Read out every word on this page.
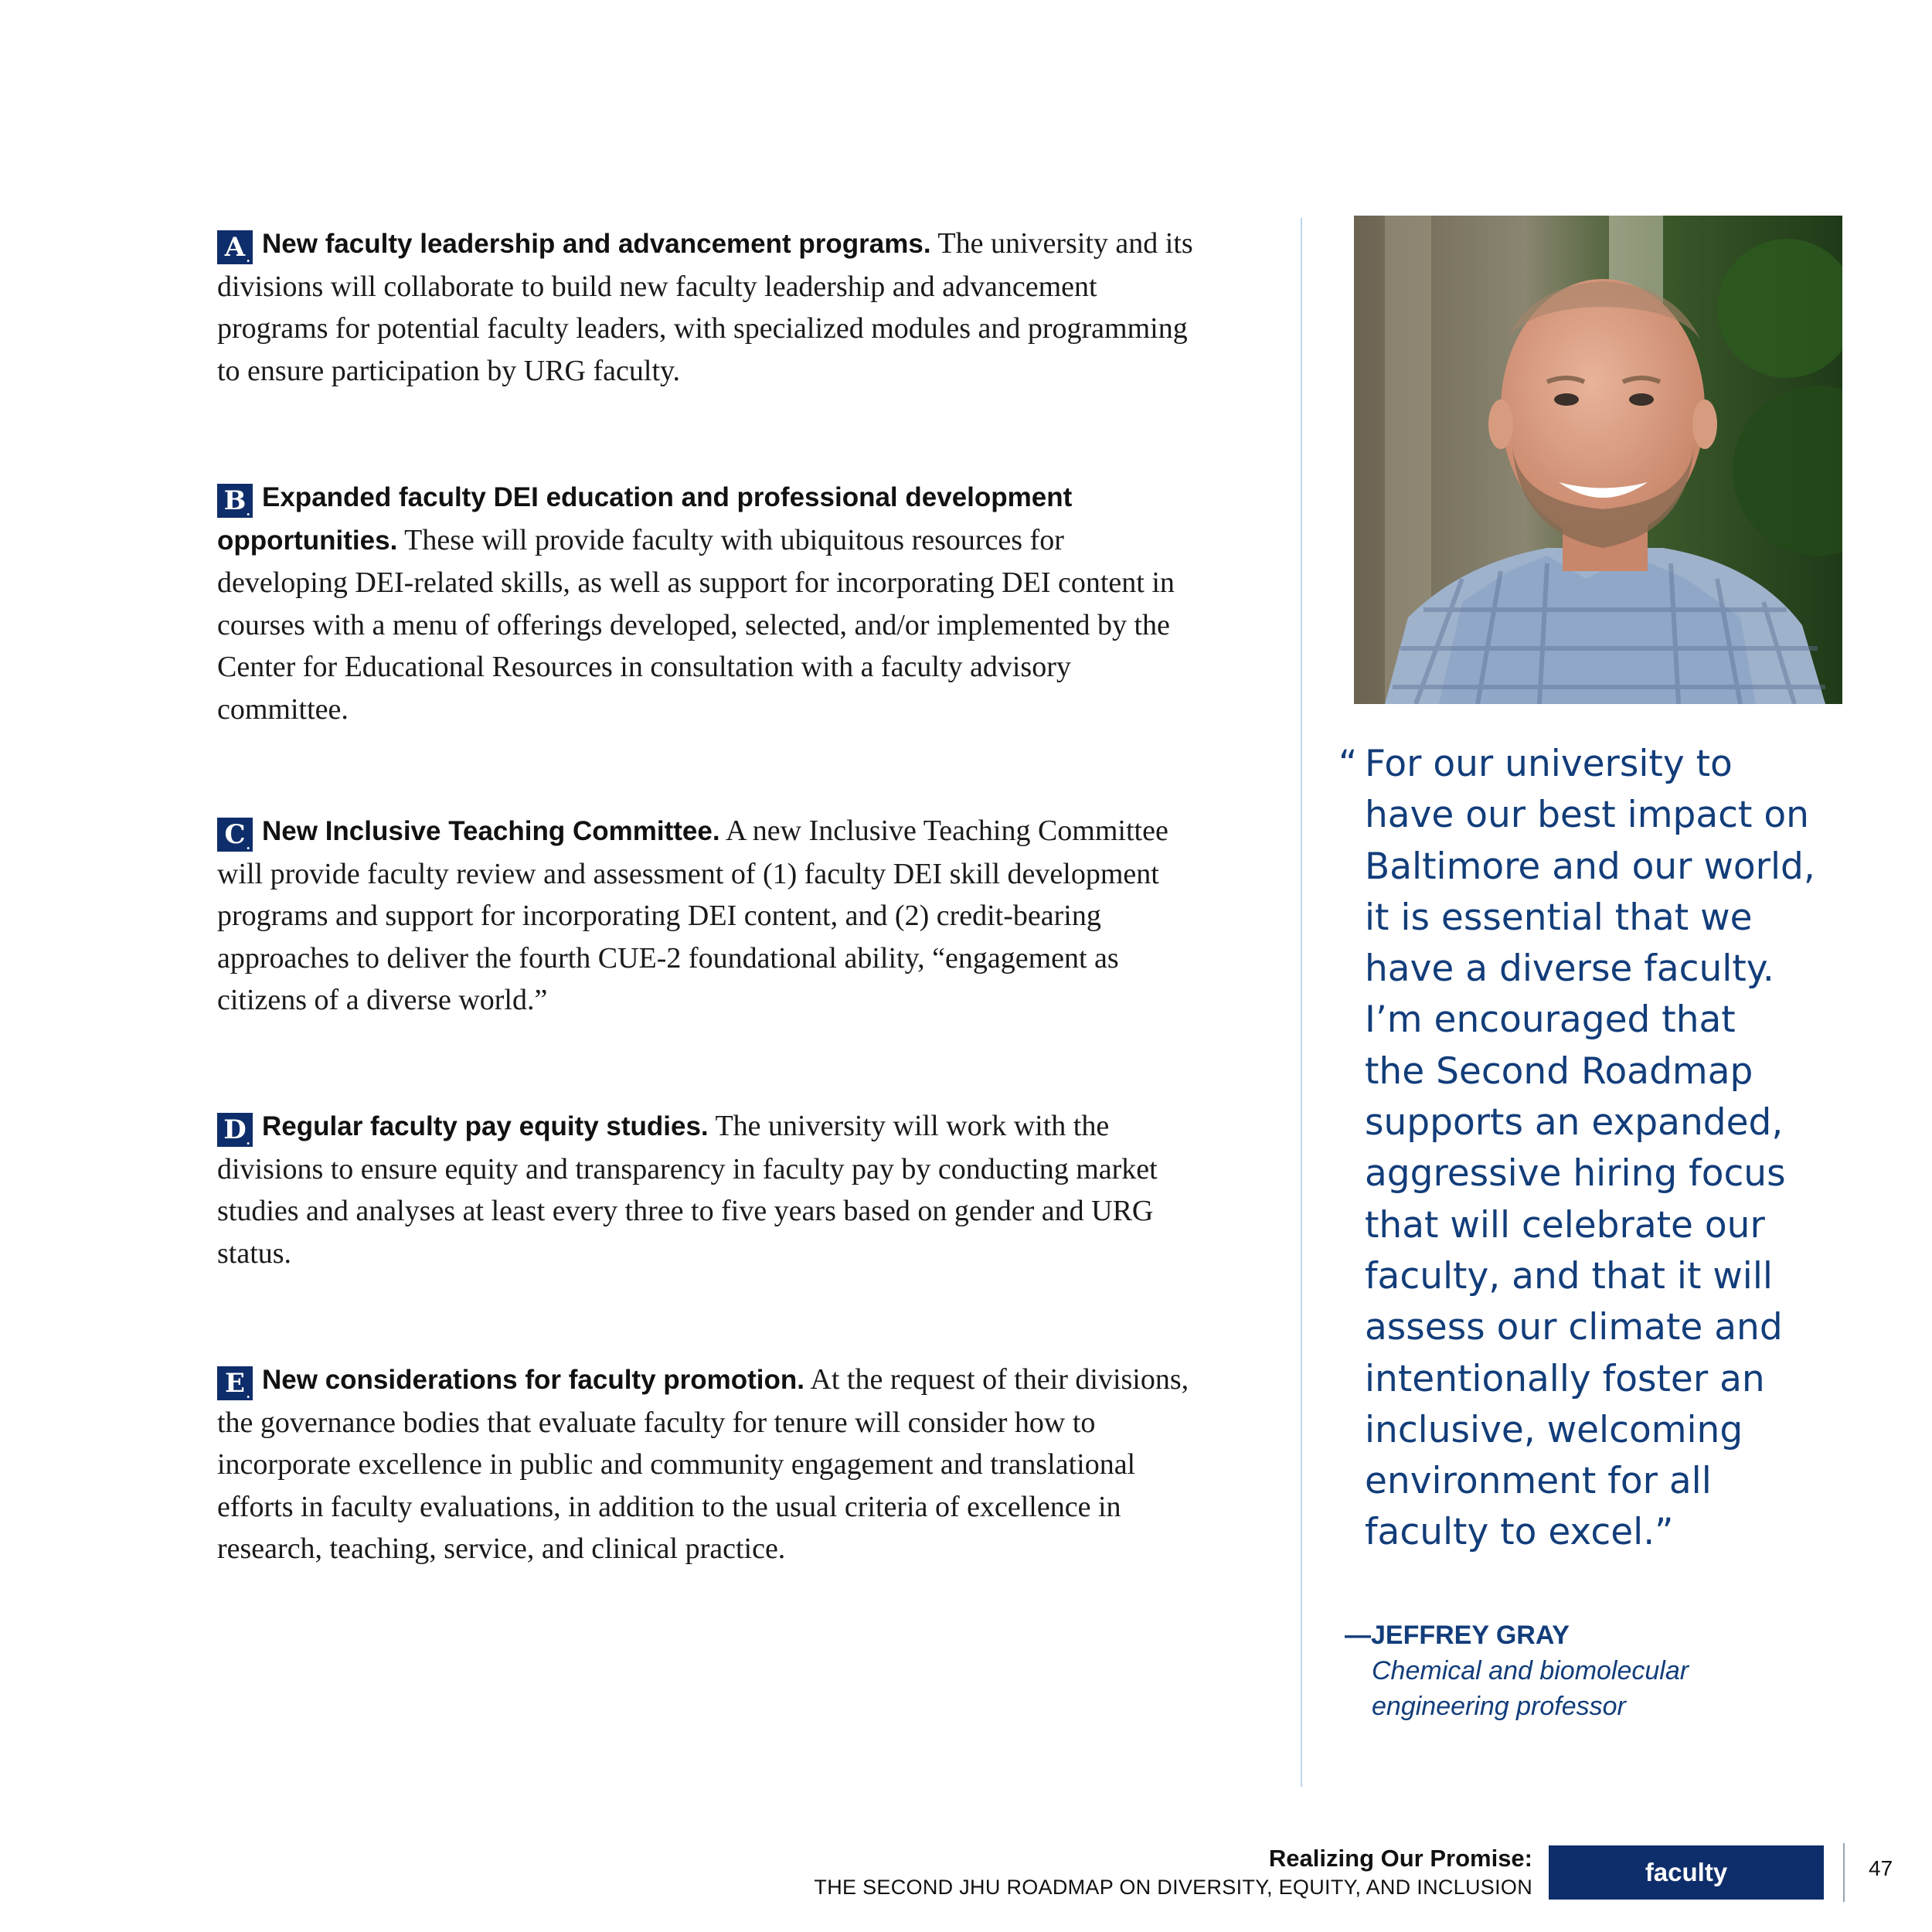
A . New faculty leadership and advancement programs. The university and its divisions will collaborate to build new faculty leadership and advancement programs for potential faculty leaders, with specialized modules and programming to ensure participation by URG faculty.
B . Expanded faculty DEI education and professional development opportunities. These will provide faculty with ubiquitous resources for developing DEI-related skills, as well as support for incorporating DEI content in courses with a menu of offerings developed, selected, and/or implemented by the Center for Educational Resources in consultation with a faculty advisory committee.
C . New Inclusive Teaching Committee. A new Inclusive Teaching Committee will provide faculty review and assessment of (1) faculty DEI skill development programs and support for incorporating DEI content, and (2) credit-bearing approaches to deliver the fourth CUE-2 foundational ability, “engagement as citizens of a diverse world.”
D . Regular faculty pay equity studies. The university will work with the divisions to ensure equity and transparency in faculty pay by conducting market studies and analyses at least every three to five years based on gender and URG status.
E . New considerations for faculty promotion. At the request of their divisions, the governance bodies that evaluate faculty for tenure will consider how to incorporate excellence in public and community engagement and translational efforts in faculty evaluations, in addition to the usual criteria of excellence in research, teaching, service, and clinical practice.
“ For our university to
have our best impact on
Baltimore and our world,
it is essential that we
have a diverse faculty.
I’m encouraged that
the Second Roadmap
supports an expanded,
aggressive hiring focus
that will celebrate our
faculty, and that it will
assess our climate and
intentionally foster an
inclusive, welcoming
environment for all
faculty to excel.”
—JEFFREY GRAY
Chemical and biomolecular
engineering professor
Realizing Our Promise:
THE SECOND JHU ROADMAP ON DIVERSITY, EQUITY, AND INCLUSION
faculty	47
